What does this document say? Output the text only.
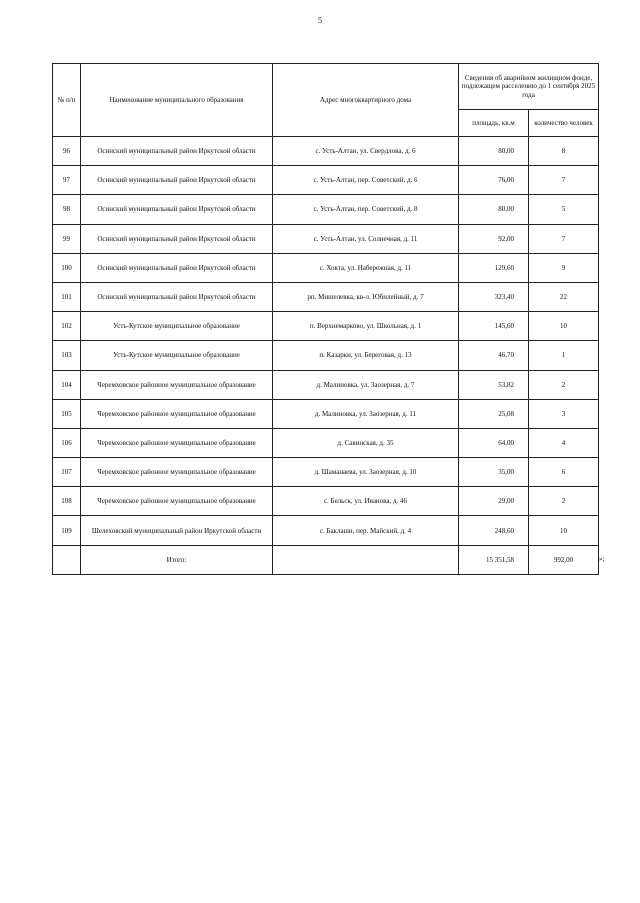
5
№ п/п	Наименование муниципального образования	Адрес многоквартирного дома	Сведения об аварийном жилищном фонде, подлежащем расселению до 1 сентября 2025 года	
			площадь, кв.м	количество человек
96	Осинский муниципальный район Иркутской области	с. Усть-Алтан, ул. Свердлова, д. 6	80,00	8
97	Осинский муниципальный район Иркутской области	с. Усть-Алтан, пер. Советский, д. 6	76,00	7
98	Осинский муниципальный район Иркутской области	с. Усть-Алтан, пер. Советский, д. 8	80,00	5
99	Осинский муниципальный район Иркутской области	с. Усть-Алтан, ул. Солнечная, д. 11	92,00	7
100	Осинский муниципальный район Иркутской области	с. Хокта, ул. Набережная, д. 11	129,60	9
101	Осинский муниципальный район Иркутской области	рп. Мишелевка, кв-л. Юбилейный, д. 7	323,40	22
102	Усть-Кутское муниципальное образование	п. Верхнемарково, ул. Школьная, д. 1	145,60	10
103	Усть-Кутское муниципальное образование	п. Казарки, ул. Береговая, д. 13	46,70	1
104	Черемховское районное муниципальное образование	д. Малиновка, ул. Заозерная, д. 7	53,82	2
105	Черемховское районное муниципальное образование	д. Малиновка, ул. Заозерная, д. 11	25,08	3
106	Черемховское районное муниципальное образование	д. Савинская, д. 35	64,00	4
107	Черемховское районное муниципальное образование	д. Шаманаева, ул. Заозерная, д. 10	35,00	6
108	Черемховское районное муниципальное образование	с. Бельск, ул. Иванова, д. 46	29,00	2
109	Шелеховский муниципальный район Иркутской области	с. Баклаши, пер. Майский, д. 4	248,60	10
	Итого:		15 351,58	992,00	»;
